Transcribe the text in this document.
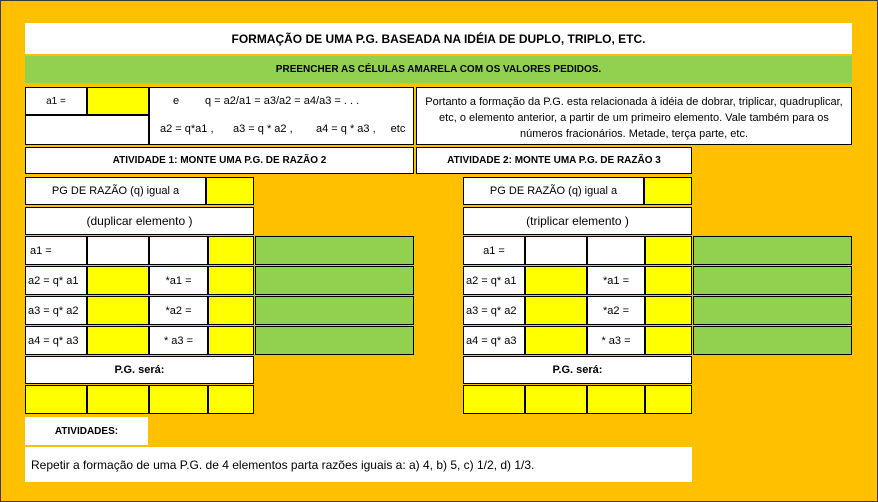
FORMAÇÃO DE UMA P.G. BASEADA NA IDÉIA DE DUPLO, TRIPLO, ETC.
PREENCHER AS CÉLULAS AMARELA COM OS VALORES PEDIDOS.
a1 =	e	q = a2/a1 = a3/a2 = a4/a3 = . . .
a2 = q*a1 ,	a3 = q * a2 ,	a4 = q * a3 ,	etc
Portanto a formação da P.G. esta relacionada à idéia de dobrar, triplicar, quadruplicar, etc, o elemento anterior, a partir de um primeiro elemento. Vale também para os números fracionários. Metade, terça parte, etc.
ATIVIDADE 1: MONTE UMA P.G. DE RAZÃO 2	ATIVIDADE 2: MONTE UMA P.G. DE RAZÃO 3
PG DE RAZÃO (q) igual a
(duplicar elemento )
a1 =
a2 = q* a1	*a1 =
a3 = q* a2	*a2 =
a4 = q* a3	* a3 =
P.G. será:
PG DE RAZÃO (q) igual a
(triplicar elemento )
a1 =
a2 = q* a1	*a1 =
a3 = q* a2	*a2 =
a4 = q* a3	* a3 =
P.G. será:
ATIVIDADES:
Repetir a formação de uma P.G. de 4 elementos parta razões iguais a: a) 4, b) 5, c) 1/2, d) 1/3.
